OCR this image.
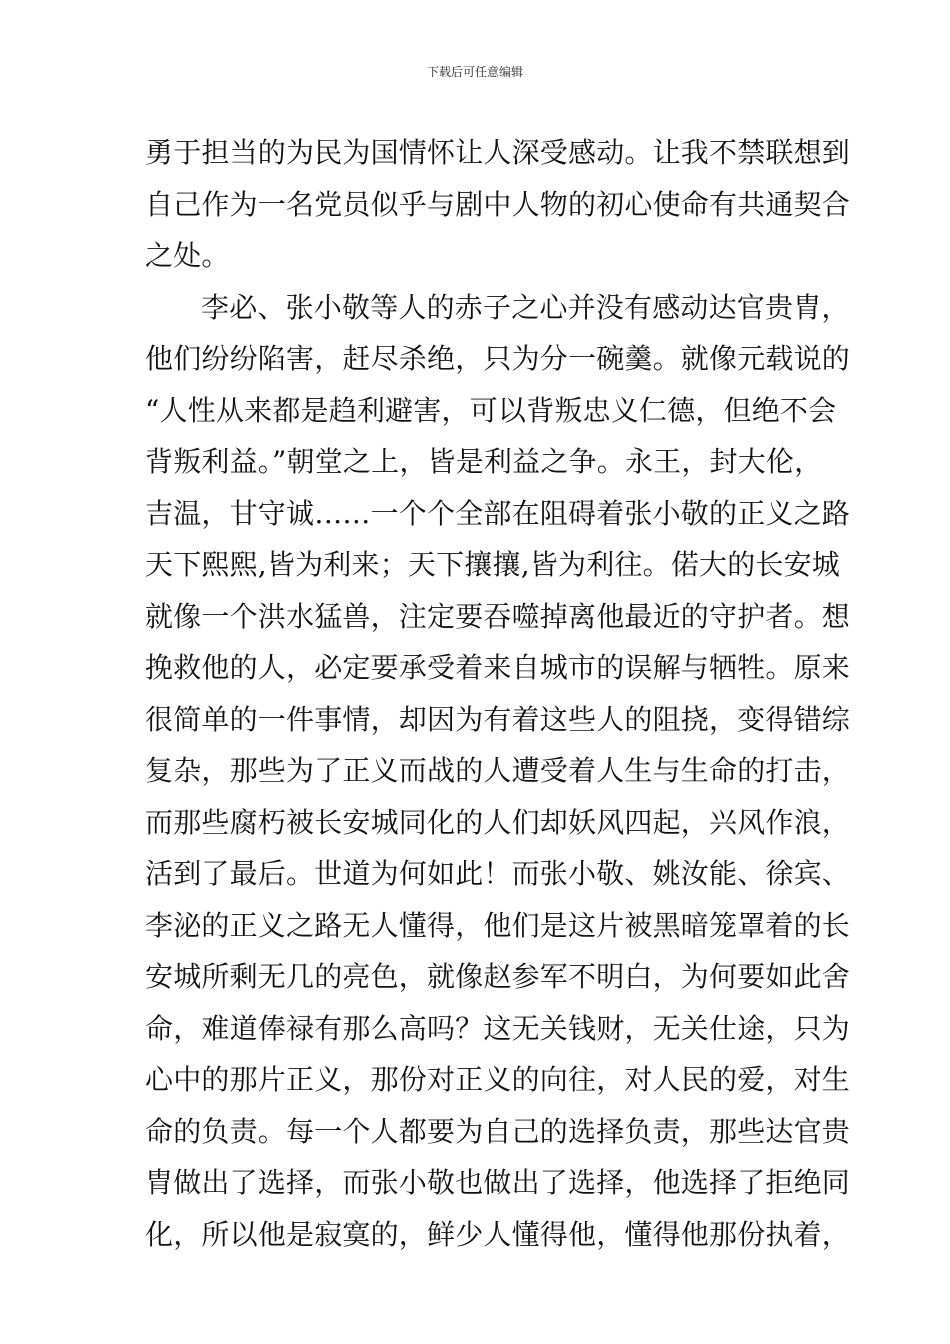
下载后可任意编辑
勇于担当的为民为国情怀让人深受感动。让我不禁联想到
自己作为一名党员似乎与剧中人物的初心使命有共通契合
之处。
李必、张小敬等人的赤子之心并没有感动达官贵胄，
他们纷纷陷害，赶尽杀绝，只为分一碗羹。就像元载说的
“人性从来都是趋利避害，可以背叛忠义仁德，但绝不会
背叛利益。”朝堂之上，皆是利益之争。永王，封大伦，
吉温，甘守诚……一个个全部在阻碍着张小敬的正义之路
天下熙熙,皆为利来；天下攘攘,皆为利往。偌大的长安城
就像一个洪水猛兽，注定要吞噬掉离他最近的守护者。想
挽救他的人，必定要承受着来自城市的误解与牺牲。原来
很简单的一件事情，却因为有着这些人的阻挠，变得错综
复杂，那些为了正义而战的人遭受着人生与生命的打击，
而那些腐朽被长安城同化的人们却妖风四起，兴风作浪，
活到了最后。世道为何如此！而张小敬、姚汝能、徐宾、
李泌的正义之路无人懂得，他们是这片被黑暗笼罩着的长
安城所剩无几的亮色，就像赵参军不明白，为何要如此舍
命，难道俸禄有那么高吗？这无关钱财，无关仕途，只为
心中的那片正义，那份对正义的向往，对人民的爱，对生
命的负责。每一个人都要为自己的选择负责，那些达官贵
胄做出了选择，而张小敬也做出了选择，他选择了拒绝同
化，所以他是寂寞的，鲜少人懂得他，懂得他那份执着，
